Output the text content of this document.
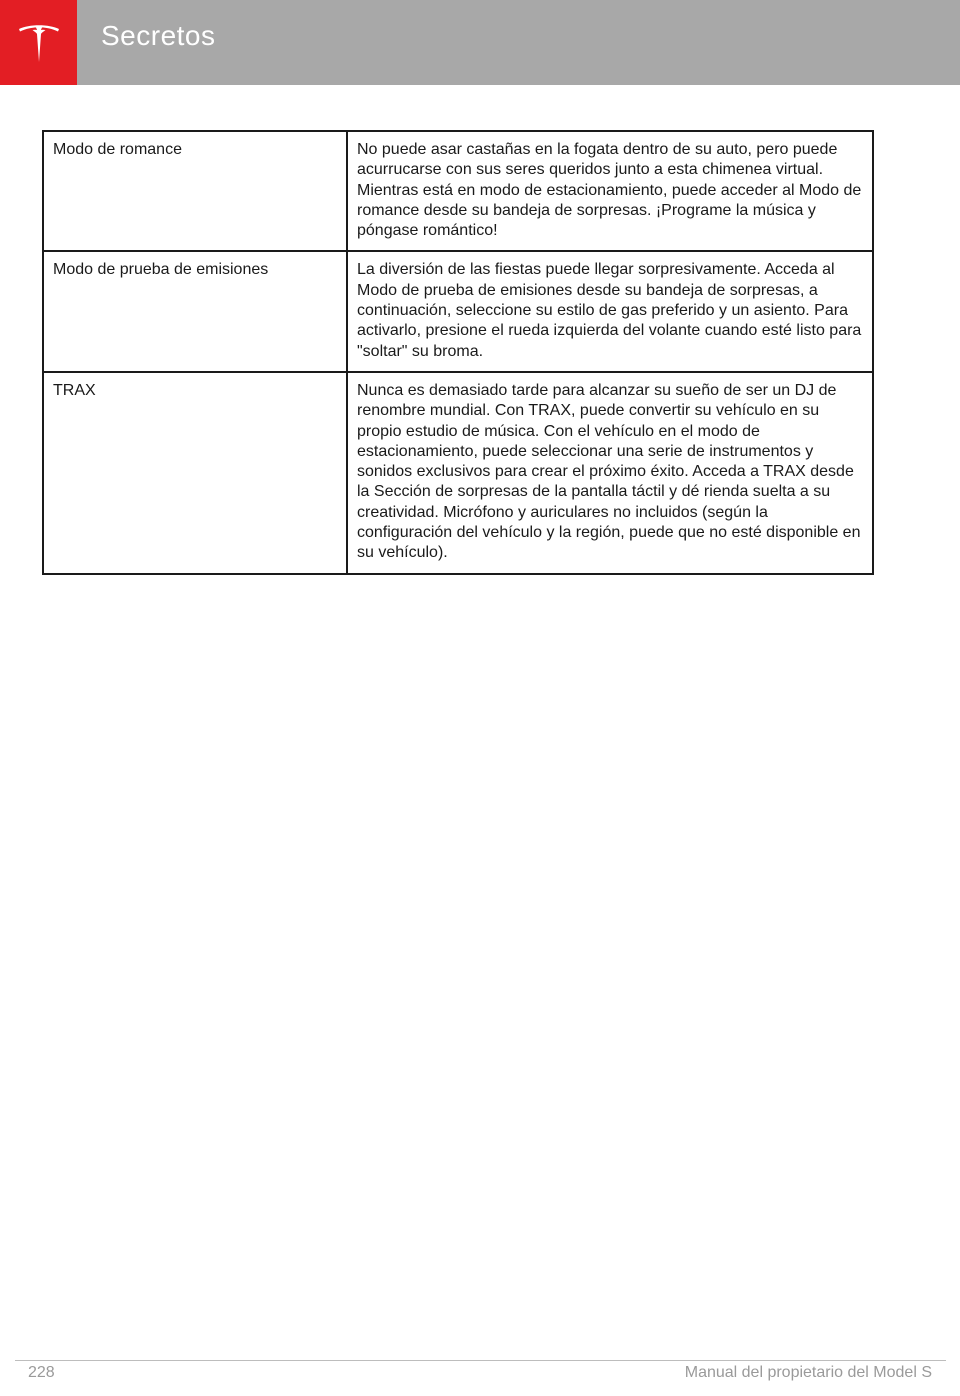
Secretos
Modo de romance	No puede asar castañas en la fogata dentro de su auto, pero puede acurrucarse con sus seres queridos junto a esta chimenea virtual. Mientras está en modo de estacionamiento, puede acceder al Modo de romance desde su bandeja de sorpresas. ¡Programe la música y póngase romántico!
Modo de prueba de emisiones	La diversión de las fiestas puede llegar sorpresivamente. Acceda al Modo de prueba de emisiones desde su bandeja de sorpresas, a continuación, seleccione su estilo de gas preferido y un asiento. Para activarlo, presione el rueda izquierda del volante cuando esté listo para "soltar" su broma.
TRAX	Nunca es demasiado tarde para alcanzar su sueño de ser un DJ de renombre mundial. Con TRAX, puede convertir su vehículo en su propio estudio de música. Con el vehículo en el modo de estacionamiento, puede seleccionar una serie de instrumentos y sonidos exclusivos para crear el próximo éxito. Acceda a TRAX desde la Sección de sorpresas de la pantalla táctil y dé rienda suelta a su creatividad. Micrófono y auriculares no incluidos (según la configuración del vehículo y la región, puede que no esté disponible en su vehículo).
228	Manual del propietario del Model S
